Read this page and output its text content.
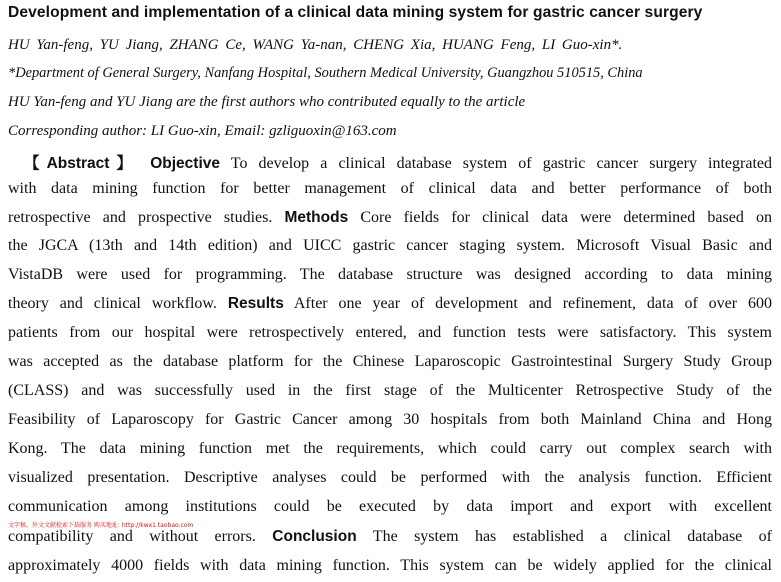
Development and implementation of a clinical data mining system for gastric cancer surgery
HU Yan-feng, YU Jiang, ZHANG Ce, WANG Ya-nan, CHENG Xia, HUANG Feng, LI Guo-xin*.
*Department of General Surgery, Nanfang Hospital, Southern Medical University, Guangzhou 510515, China
HU Yan-feng and YU Jiang are the first authors who contributed equally to the article
Corresponding author: LI Guo-xin, Email: gzliguoxin@163.com
【Abstract】 Objective To develop a clinical database system of gastric cancer surgery integrated
with data mining function for better management of clinical data and better performance of both
retrospective and prospective studies. Methods Core fields for clinical data were determined based on
the JGCA (13th and 14th edition) and UICC gastric cancer staging system. Microsoft Visual Basic and
VistaDB were used for programming. The database structure was designed according to data mining
theory and clinical workflow. Results After one year of development and refinement, data of over 600
patients from our hospital were retrospectively entered, and function tests were satisfactory. This system
was accepted as the database platform for the Chinese Laparoscopic Gastrointestinal Surgery Study Group
(CLASS) and was successfully used in the first stage of the Multicenter Retrospective Study of the
Feasibility of Laparoscopy for Gastric Cancer among 30 hospitals from both Mainland China and Hong
Kong. The data mining function met the requirements, which could carry out complex search with
visualized presentation. Descriptive analyses could be performed with the analysis function. Efficient
communication among institutions could be executed by data import and export with excellent
compatibility and without errors. Conclusion The system has established a clinical database of
approximately 4000 fields with data mining function. This system can be widely applied for the clinical
文字稿、外文文献检索下载服务 购买地址: http://kwx1.taobao.com
